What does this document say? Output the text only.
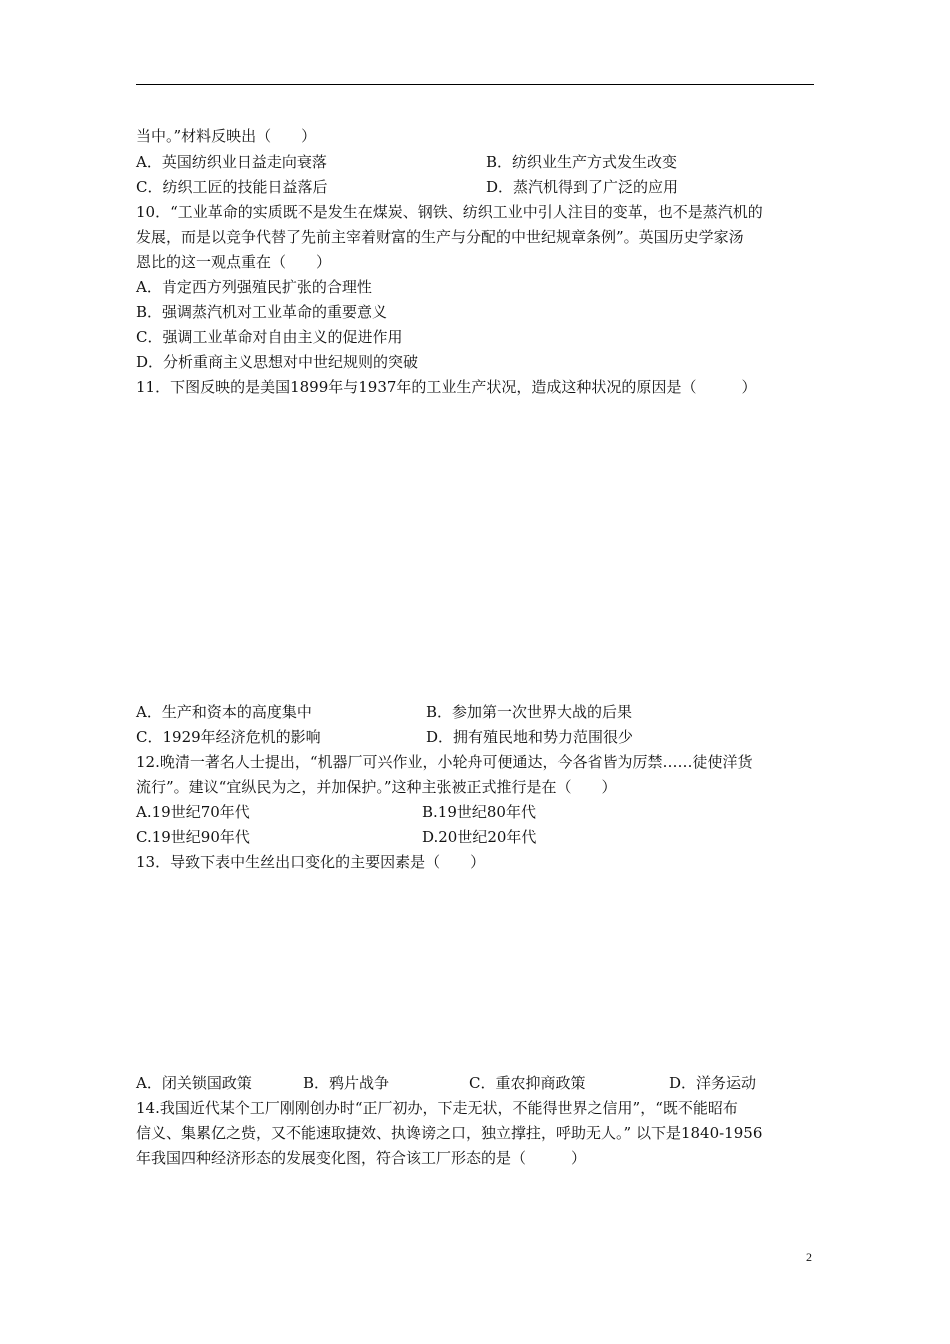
当中。”材料反映出（　　）
A．英国纺织业日益走向衰落	B．纺织业生产方式发生改变
C．纺织工匠的技能日益落后	D．蒸汽机得到了广泛的应用
10．“工业革命的实质既不是发生在煤炭、钢铁、纺织工业中引人注目的变革，也不是蒸汽机的
发展，而是以竞争代替了先前主宰着财富的生产与分配的中世纪规章条例”。英国历史学家汤
恩比的这一观点重在（　　）
A．肯定西方列强殖民扩张的合理性
B．强调蒸汽机对工业革命的重要意义
C．强调工业革命对自由主义的促进作用
D．分析重商主义思想对中世纪规则的突破
11．下图反映的是美国1899年与1937年的工业生产状况，造成这种状况的原因是（　　　）
A．生产和资本的高度集中	B．参加第一次世界大战的后果
C．1929年经济危机的影响	D．拥有殖民地和势力范围很少
12.晚清一著名人士提出，“机器厂可兴作业，小轮舟可便通达，今各省皆为厉禁……徒使洋货
流行”。建议“宜纵民为之，并加保护。”这种主张被正式推行是在（　　）
A.19世纪70年代	B.19世纪80年代
C.19世纪90年代	D.20世纪20年代
13．导致下表中生丝出口变化的主要因素是（　　）
A．闭关锁国政策	B．鸦片战争	C．重农抑商政策	D．洋务运动
14.我国近代某个工厂刚刚创办时“正厂初办，下走无状，不能得世界之信用”，“既不能昭布
信义、集累亿之赀，又不能速取捷效、执谗谤之口，独立撑拄，呼助无人。” 以下是1840-1956
年我国四种经济形态的发展变化图，符合该工厂形态的是（　　　）
2
